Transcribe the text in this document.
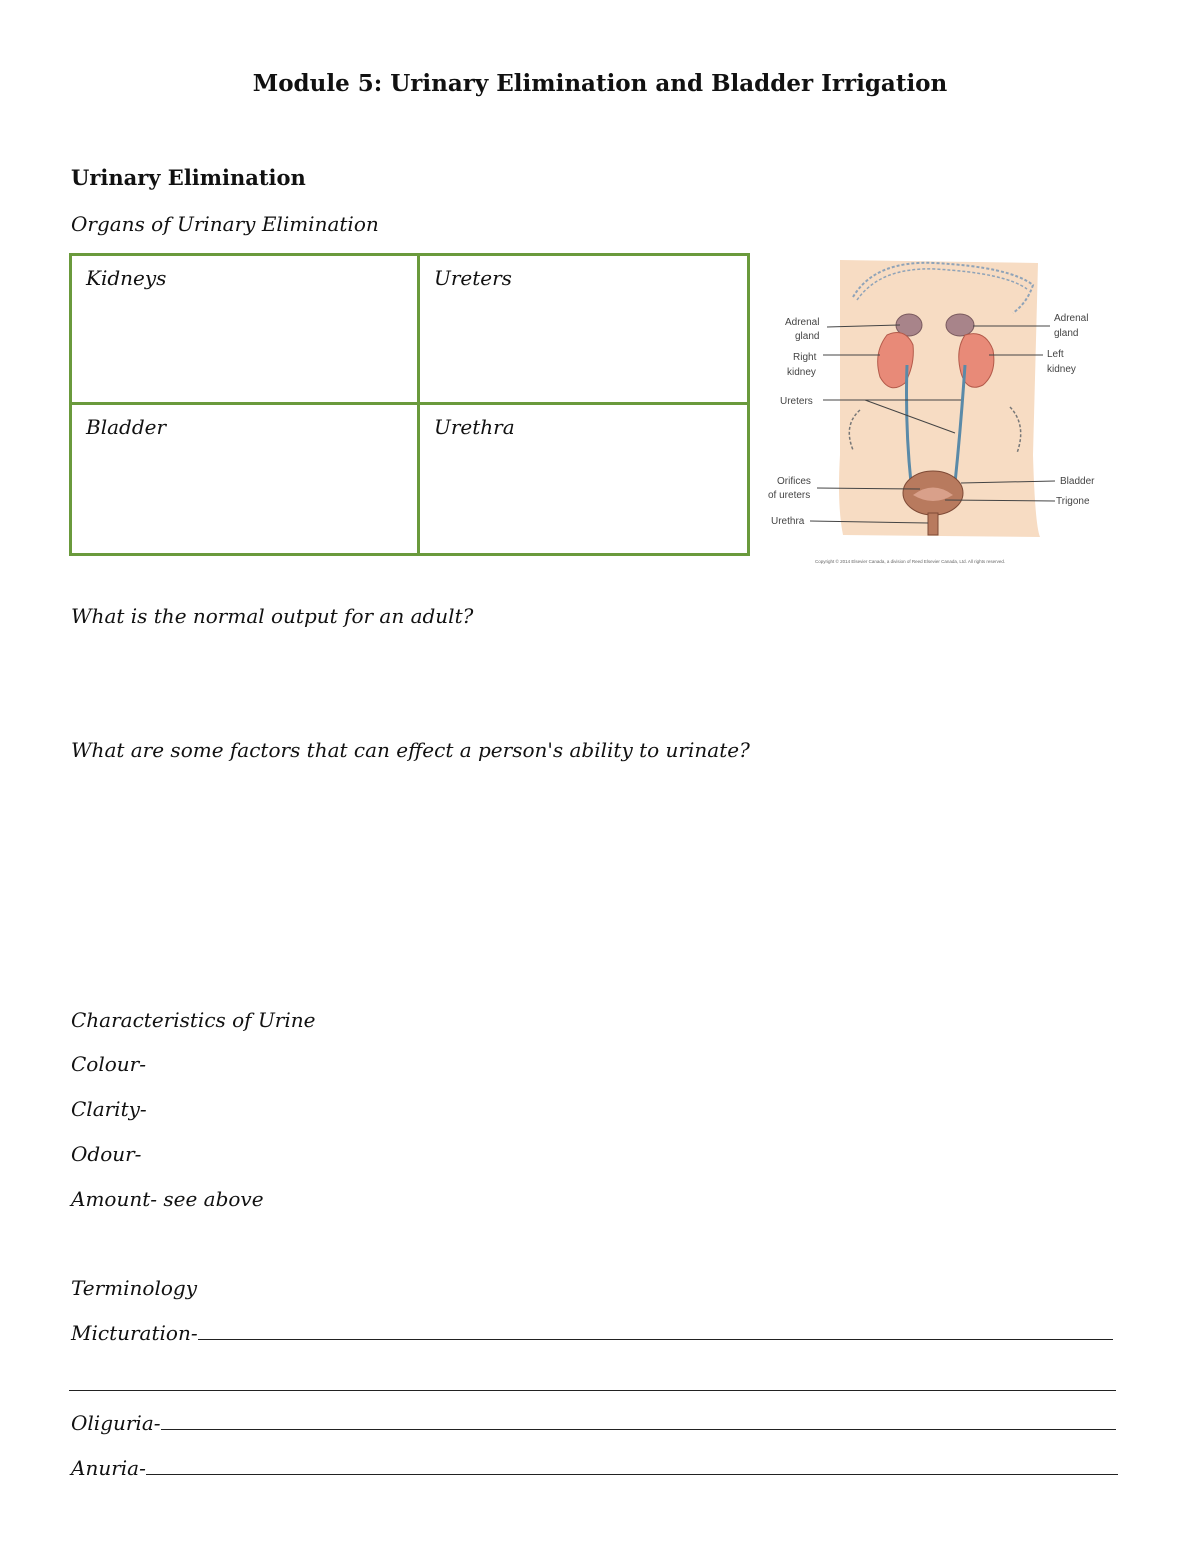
Module 5: Urinary Elimination and Bladder Irrigation
Urinary Elimination
Organs of Urinary Elimination
Kidneys	Ureters
Bladder	Urethra
Adrenal
gland
Right
kidney
Ureters
Orifices
of ureters
Urethra
Adrenal
gland
Left
kidney
Bladder
Trigone
Copyright © 2014 Elsevier Canada, a division of Reed Elsevier Canada, Ltd. All rights reserved.
What is the normal output for an adult?
What are some factors that can effect a person's ability to urinate?
Characteristics of Urine
Colour-
Clarity-
Odour-
Amount- see above
Terminology
Micturation-
Oliguria-
Anuria-
